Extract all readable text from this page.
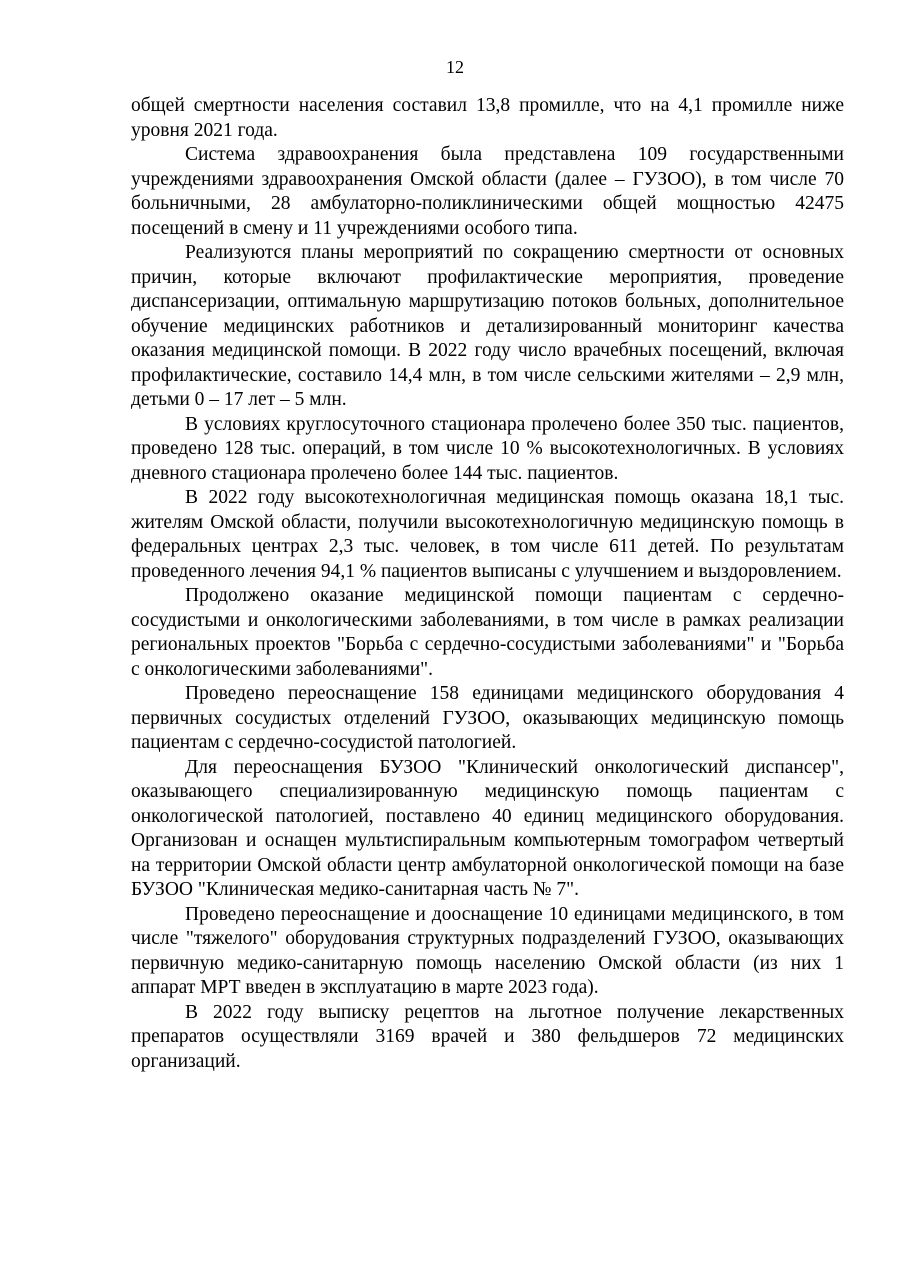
12

общей смертности населения составил 13,8 промилле, что на 4,1 промилле ниже уровня 2021 года.

Система здравоохранения была представлена 109 государственными учреждениями здравоохранения Омской области (далее – ГУЗОО), в том числе 70 больничными, 28 амбулаторно-поликлиническими общей мощностью 42475 посещений в смену и 11 учреждениями особого типа.

Реализуются планы мероприятий по сокращению смертности от основных причин, которые включают профилактические мероприятия, проведение диспансеризации, оптимальную маршрутизацию потоков больных, дополнительное обучение медицинских работников и детализированный мониторинг качества оказания медицинской помощи. В 2022 году число врачебных посещений, включая профилактические, составило 14,4 млн, в том числе сельскими жителями – 2,9 млн, детьми 0 – 17 лет – 5 млн.

В условиях круглосуточного стационара пролечено более 350 тыс. пациентов, проведено 128 тыс. операций, в том числе 10 % высокотехнологичных. В условиях дневного стационара пролечено более 144 тыс. пациентов.

В 2022 году высокотехнологичная медицинская помощь оказана 18,1 тыс. жителям Омской области, получили высокотехнологичную медицинскую помощь в федеральных центрах 2,3 тыс. человек, в том числе 611 детей. По результатам проведенного лечения 94,1 % пациентов выписаны с улучшением и выздоровлением.

Продолжено оказание медицинской помощи пациентам с сердечно-сосудистыми и онкологическими заболеваниями, в том числе в рамках реализации региональных проектов "Борьба с сердечно-сосудистыми заболеваниями" и "Борьба с онкологическими заболеваниями".

Проведено переоснащение 158 единицами медицинского оборудования 4 первичных сосудистых отделений ГУЗОО, оказывающих медицинскую помощь пациентам с сердечно-сосудистой патологией.

Для переоснащения БУЗОО "Клинический онкологический диспансер", оказывающего специализированную медицинскую помощь пациентам с онкологической патологией, поставлено 40 единиц медицинского оборудования. Организован и оснащен мультиспиральным компьютерным томографом четвертый на территории Омской области центр амбулаторной онкологической помощи на базе БУЗОО "Клиническая медико-санитарная часть № 7".

Проведено переоснащение и дооснащение 10 единицами медицинского, в том числе "тяжелого" оборудования структурных подразделений ГУЗОО, оказывающих первичную медико-санитарную помощь населению Омской области (из них 1 аппарат МРТ введен в эксплуатацию в марте 2023 года).

В 2022 году выписку рецептов на льготное получение лекарственных препаратов осуществляли 3169 врачей и 380 фельдшеров 72 медицинских организаций.
